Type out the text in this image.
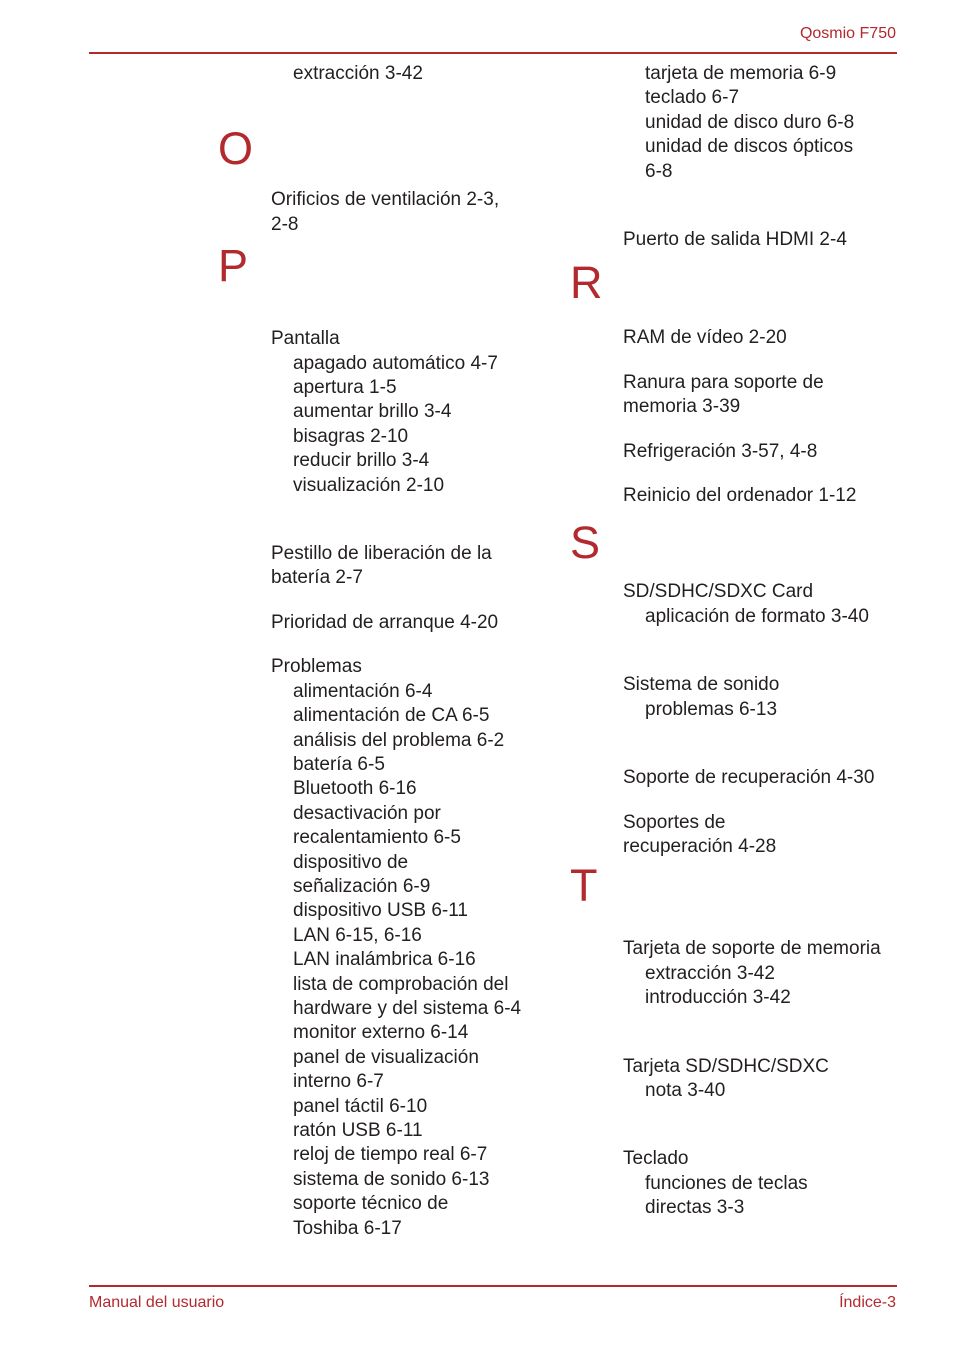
Qosmio F750
extracción 3-42
O
Orificios de ventilación 2-3,
2-8
P
Pantalla
apagado automático 4-7
apertura 1-5
aumentar brillo 3-4
bisagras 2-10
reducir brillo 3-4
visualización 2-10
Pestillo de liberación de la
batería 2-7
Prioridad de arranque 4-20
Problemas
alimentación 6-4
alimentación de CA 6-5
análisis del problema 6-2
batería 6-5
Bluetooth 6-16
desactivación por
recalentamiento 6-5
dispositivo de
señalización 6-9
dispositivo USB 6-11
LAN 6-15, 6-16
LAN inalámbrica 6-16
lista de comprobación del
hardware y del sistema 6-4
monitor externo 6-14
panel de visualización
interno 6-7
panel táctil 6-10
ratón USB 6-11
reloj de tiempo real 6-7
sistema de sonido 6-13
soporte técnico de
Toshiba 6-17
tarjeta de memoria 6-9
teclado 6-7
unidad de disco duro 6-8
unidad de discos ópticos
6-8
Puerto de salida HDMI 2-4
R
RAM de vídeo 2-20
Ranura para soporte de
memoria 3-39
Refrigeración 3-57, 4-8
Reinicio del ordenador 1-12
S
SD/SDHC/SDXC Card
aplicación de formato 3-40
Sistema de sonido
problemas 6-13
Soporte de recuperación 4-30
Soportes de
recuperación 4-28
T
Tarjeta de soporte de memoria
extracción 3-42
introducción 3-42
Tarjeta SD/SDHC/SDXC
nota 3-40
Teclado
funciones de teclas
directas 3-3
Manual del usuario	Índice-3
